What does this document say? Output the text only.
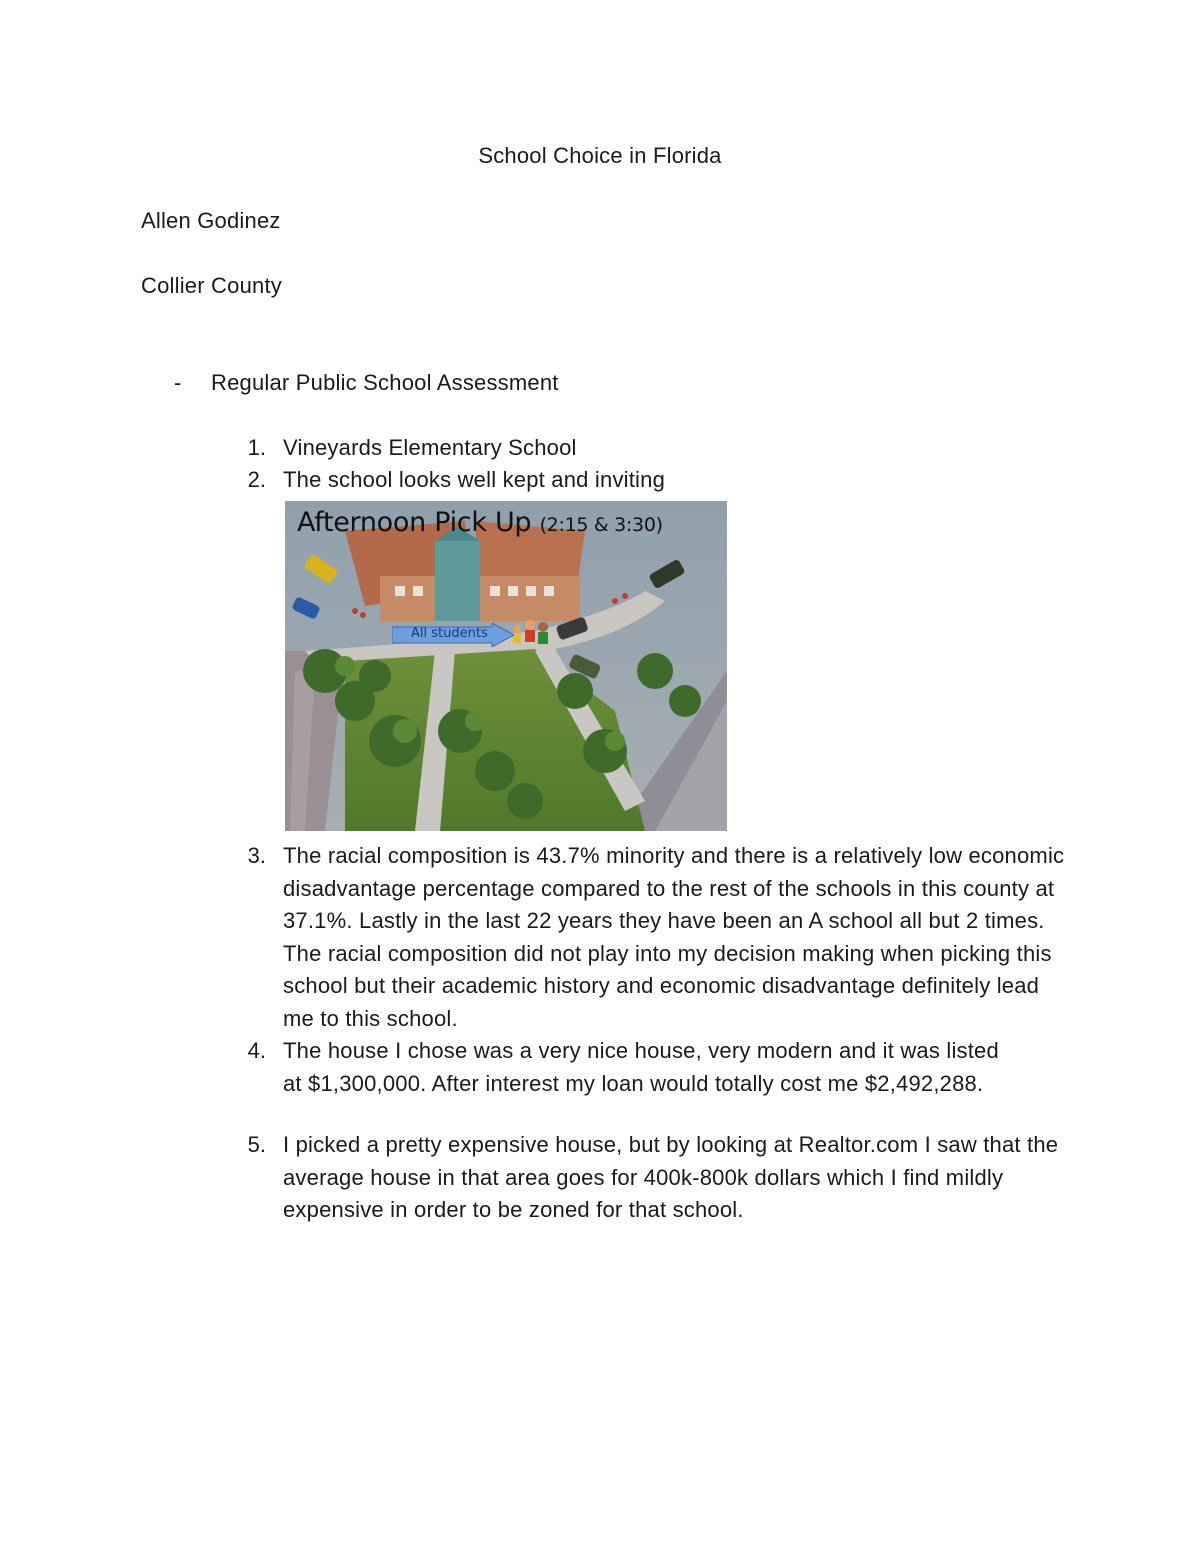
School Choice in Florida
Allen Godinez
Collier County
- Regular Public School Assessment
1. Vineyards Elementary School
2. The school looks well kept and inviting
All students
Afternoon Pick Up (2:15 & 3:30)
3. The racial composition is 43.7% minority and there is a relatively low economic disadvantage percentage compared to the rest of the schools in this county at 37.1%. Lastly in the last 22 years they have been an A school all but 2 times. The racial composition did not play into my decision making when picking this school but their academic history and economic disadvantage definitely lead me to this school.
4. The house I chose was a very nice house, very modern and it was listed at $1,300,000. After interest my loan would totally cost me $2,492,288.
5. I picked a pretty expensive house, but by looking at Realtor.com I saw that the average house in that area goes for 400k-800k dollars which I find mildly expensive in order to be zoned for that school.
